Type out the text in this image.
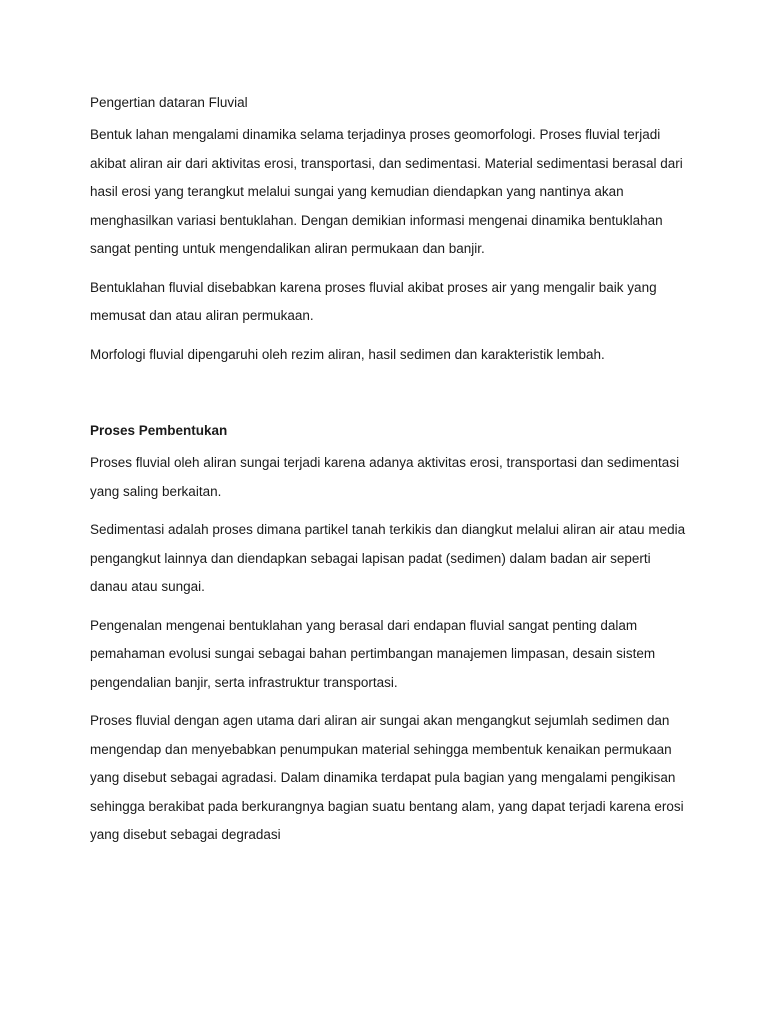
Pengertian dataran Fluvial

Bentuk lahan mengalami dinamika selama terjadinya proses geomorfologi. Proses fluvial terjadi akibat aliran air dari aktivitas erosi, transportasi, dan sedimentasi. Material sedimentasi berasal dari hasil erosi yang terangkut melalui sungai yang kemudian diendapkan yang nantinya akan menghasilkan variasi bentuklahan. Dengan demikian informasi mengenai dinamika bentuklahan sangat penting untuk mengendalikan aliran permukaan dan banjir.

Bentuklahan fluvial disebabkan karena proses fluvial akibat proses air yang mengalir baik yang memusat dan atau aliran permukaan.

Morfologi fluvial dipengaruhi oleh rezim aliran, hasil sedimen dan karakteristik lembah.

Proses Pembentukan

Proses fluvial oleh aliran sungai terjadi karena adanya aktivitas erosi, transportasi dan sedimentasi yang saling berkaitan.

Sedimentasi adalah proses dimana partikel tanah terkikis dan diangkut melalui aliran air atau media pengangkut lainnya dan diendapkan sebagai lapisan padat (sedimen) dalam badan air seperti danau atau sungai.

Pengenalan mengenai bentuklahan yang berasal dari endapan fluvial sangat penting dalam pemahaman evolusi sungai sebagai bahan pertimbangan manajemen limpasan, desain sistem pengendalian banjir, serta infrastruktur transportasi.

Proses fluvial dengan agen utama dari aliran air sungai akan mengangkut sejumlah sedimen dan mengendap dan menyebabkan penumpukan material sehingga membentuk kenaikan permukaan yang disebut sebagai agradasi. Dalam dinamika terdapat pula bagian yang mengalami pengikisan sehingga berakibat pada berkurangnya bagian suatu bentang alam, yang dapat terjadi karena erosi yang disebut sebagai degradasi
